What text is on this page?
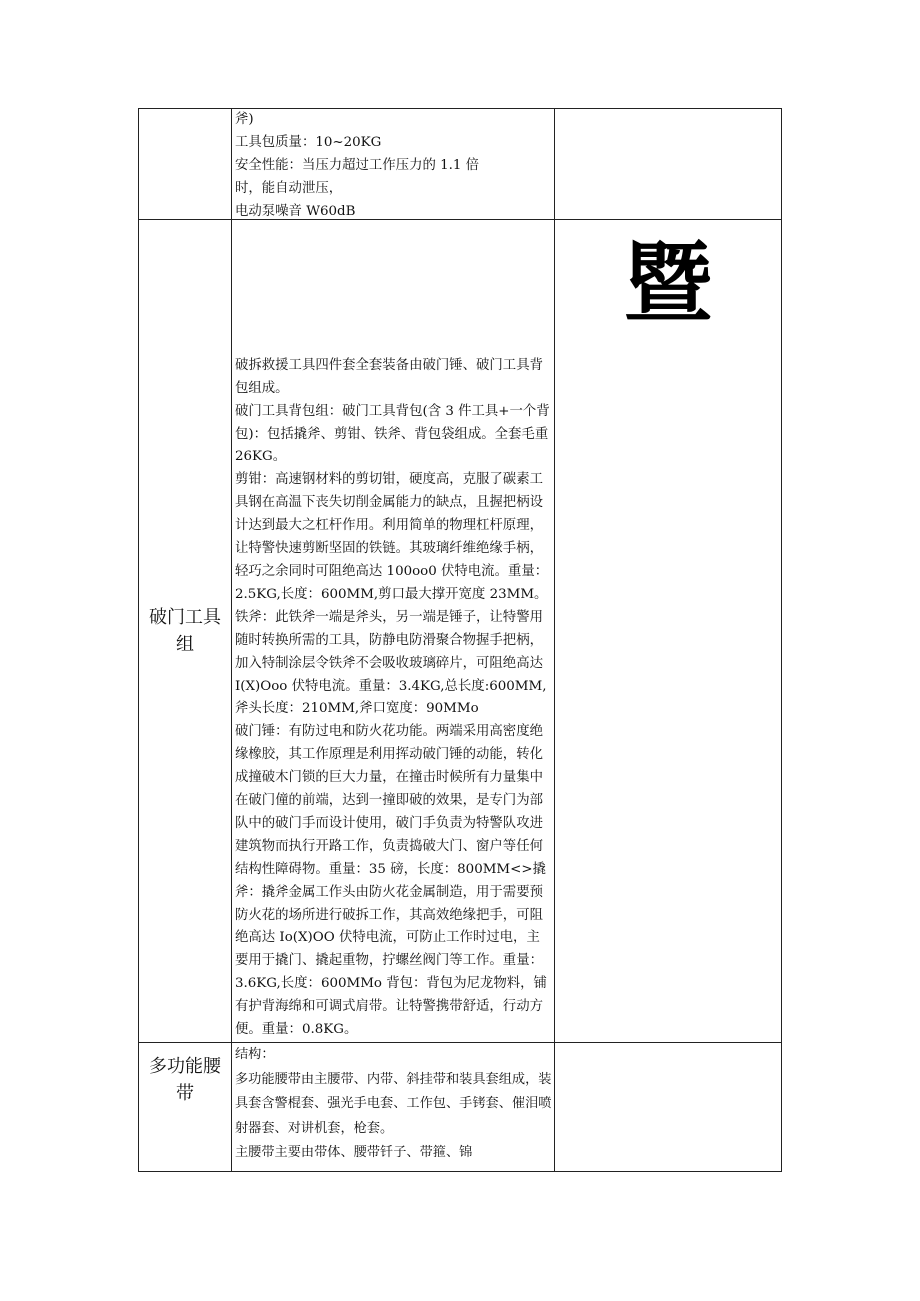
	斧)
工具包质量：10~20KG
安全性能：当压力超过工作压力的 1.1 倍
时，能自动泄压，
电动泵噪音 W60dB	

破门工具组	破拆救援工具四件套全套装备由破门锤、破门工具背包组成。
破门工具背包组：破门工具背包(含 3 件工具+一个背包)：包括撬斧、剪钳、铁斧、背包袋组成。全套毛重 26KG。
剪钳：高速钢材料的剪切钳，硬度高，克服了碳素工具钢在高温下丧失切削金属能力的缺点，且握把柄设计达到最大之杠杆作用。利用简单的物理杠杆原理，让特警快速剪断坚固的铁链。其玻璃纤维绝缘手柄，轻巧之余同时可阻绝高达 100oo0 伏特电流。重量：2.5KG,长度：600MM,剪口最大撑开宽度 23MM。
铁斧：此铁斧一端是斧头，另一端是锤子，让特警用随时转换所需的工具，防静电防滑聚合物握手把柄，加入特制涂层令铁斧不会吸收玻璃碎片，可阻绝高达 I(X)Ooo 伏特电流。重量：3.4KG,总长度:600MM,斧头长度：210MM,斧口宽度：90MMo
破门锤：有防过电和防火花功能。两端采用高密度绝缘橡胶，其工作原理是利用挥动破门锤的动能，转化成撞破木门锁的巨大力量，在撞击时候所有力量集中在破门僮的前端，达到一撞即破的效果，是专门为部队中的破门手而设计使用，破门手负责为特警队攻进建筑物而执行开路工作，负责捣破大门、窗户等任何结构性障碍物。重量：35 磅，长度：800MM<>撬斧：撬斧金属工作头由防火花金属制造，用于需要预防火花的场所进行破拆工作，其高效绝缘把手，可阻绝高达 Io(X)OO 伏特电流，可防止工作时过电，主要用于撬门、撬起重物，拧螺丝阀门等工作。重量：3.6KG,长度：600MMo 背包：背包为尼龙物料，铺有护背海绵和可调式肩带。让特警携带舒适，行动方便。重量：0.8KG。	暨
多功能腰带	结构：
多功能腰带由主腰带、内带、斜挂带和装具套组成，装具套含警棍套、强光手电套、工作包、手铐套、催泪喷射器套、对讲机套，枪套。
主腰带主要由带体、腰带钎子、带箍、锦	
